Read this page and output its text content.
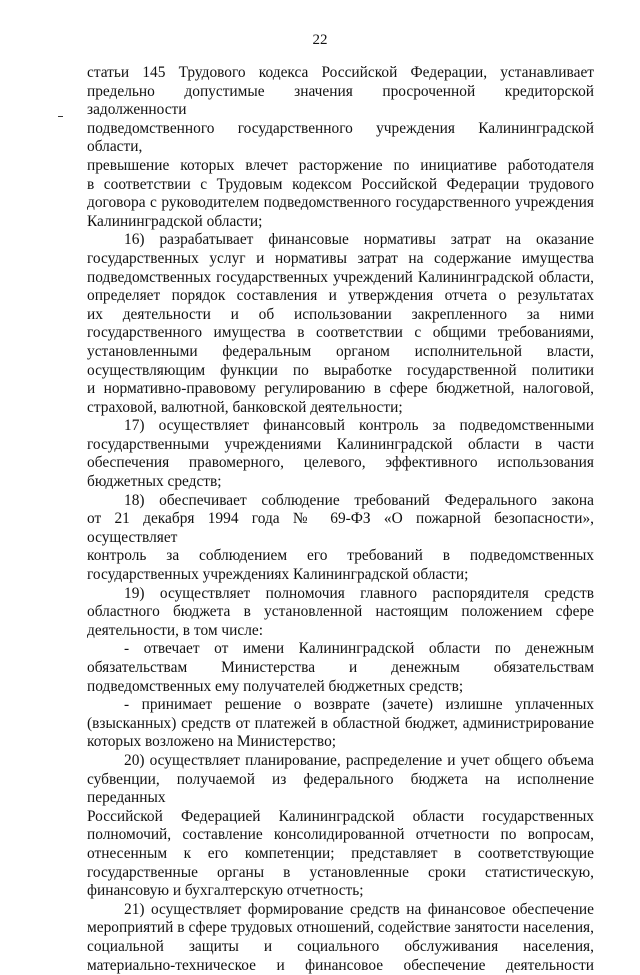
22

статьи 145 Трудового кодекса Российской Федерации, устанавливает

предельно допустимые значения просроченной кредиторской задолженности

подведомственного государственного учреждения Калининградской области,

превышение которых влечет расторжение по инициативе работодателя

в соответствии с Трудовым кодексом Российской Федерации трудового

договора с руководителем подведомственного государственного учреждения

Калининградской области;

16) разрабатывает финансовые нормативы затрат на оказание

государственных услуг и нормативы затрат на содержание имущества

подведомственных государственных учреждений Калининградской области,

определяет порядок составления и утверждения отчета о результатах

их деятельности и об использовании закрепленного за ними

государственного имущества в соответствии с общими требованиями,

установленными федеральным органом исполнительной власти,

осуществляющим функции по выработке государственной политики

и нормативно-правовому регулированию в сфере бюджетной, налоговой,

страховой, валютной, банковской деятельности;

17) осуществляет финансовый контроль за подведомственными

государственными учреждениями Калининградской области в части

обеспечения правомерного, целевого, эффективного использования

бюджетных средств;

18) обеспечивает соблюдение требований Федерального закона

от 21 декабря 1994 года № 69-ФЗ «О пожарной безопасности», осуществляет

контроль за соблюдением его требований в подведомственных

государственных учреждениях Калининградской области;

19) осуществляет полномочия главного распорядителя средств

областного бюджета в установленной настоящим положением сфере

деятельности, в том числе:

- отвечает от имени Калининградской области по денежным

обязательствам Министерства и денежным обязательствам

подведомственных ему получателей бюджетных средств;

- принимает решение о возврате (зачете) излишне уплаченных

(взысканных) средств от платежей в областной бюджет, администрирование

которых возложено на Министерство;

20) осуществляет планирование, распределение и учет общего объема

субвенции, получаемой из федерального бюджета на исполнение переданных

Российской Федерацией Калининградской области государственных

полномочий, составление консолидированной отчетности по вопросам,

отнесенным к его компетенции; представляет в соответствующие

государственные органы в установленные сроки статистическую,

финансовую и бухгалтерскую отчетность;

21) осуществляет формирование средств на финансовое обеспечение

мероприятий в сфере трудовых отношений, содействие занятости населения,

социальной защиты и социального обслуживания населения,

материально-техническое и финансовое обеспечение деятельности
